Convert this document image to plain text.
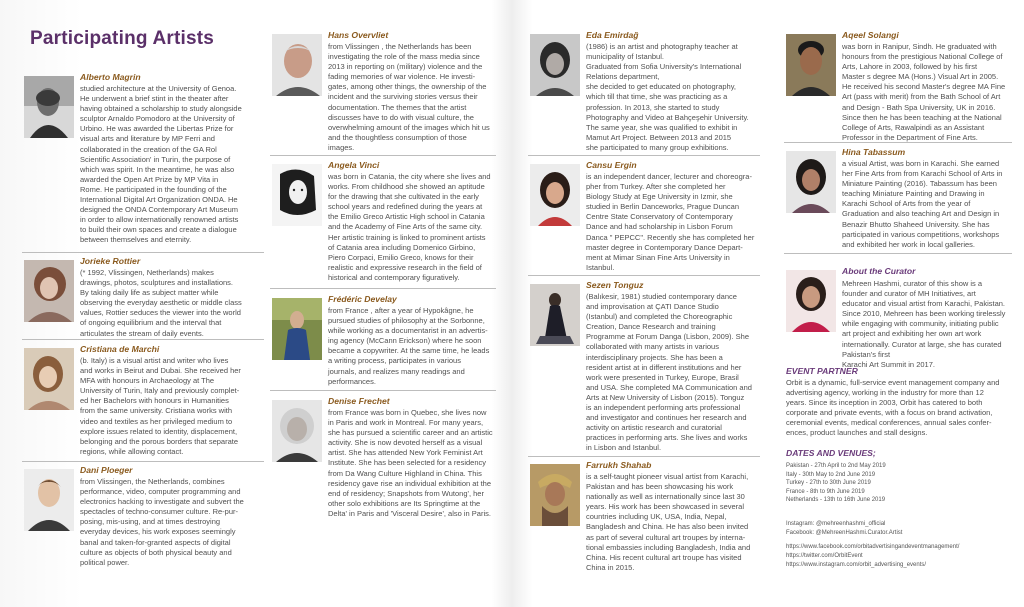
Participating Artists
Alberto Magrin
studied architecture at the University of Genoa.
He underwent a brief stint in the theater after
having obtained a scholarship to study alongside
sculptor Arnaldo Pomodoro at the University of
Urbino. He was awarded the Libertas Prize for
visual arts and literature by MP Ferri and
collaborated in the creation of the GA Rol
Scientific Association' in Turin, the purpose of
which was spirit. In the meantime, he was also
awarded the Open Art Prize by MP Vita in
Rome. He participated in the founding of the
International Digital Art Organization ONDA. He
designed the ONDA Contemporary Art Museum
in order to allow internationally renowned artists
to build their own spaces and create a dialogue
between themselves and eternity.
Jorieke Rottier
(* 1992, Vlissingen, Netherlands) makes
drawings, photos, sculptures and installations.
By taking daily life as subject matter while
observing the everyday aesthetic or middle class
values, Rottier seduces the viewer into the world
of ongoing equilibrium and the interval that
articulates the stream of daily events.
Cristiana de Marchi
(b. Italy) is a visual artist and writer who lives
and works in Beirut and Dubai. She received her
MFA with honours in Archaeology at The
University of Turin, Italy and previously complet-
ed her Bachelors with honours in Humanities
from the same university. Cristiana works with
video and textiles as her privileged medium to
explore issues related to identity, displacement,
belonging and the porous borders that separate
regions, while allowing contact.
Dani Ploeger
from Vlissingen, the Netherlands, combines
performance, video, computer programming and
electronics hacking to investigate and subvert the
spectacles of techno-consumer culture. Re-pur-
posing, mis-using, and at times destroying
everyday devices, his work exposes seemingly
banal and taken-for-granted aspects of digital
culture as objects of both physical beauty and
political power.
Hans Overvliet
from Vlissingen , the Netherlands has been
investigating the role of the mass media since
2013 in reporting on (military) violence and the
fading memories of war violence. He investi-
gates, among other things, the ownership of the
incident and the surviving stories versus their
documentation. The themes that the artist
discusses have to do with visual culture, the
overwhelming amount of the images which hit us
and the thoughtless consumption of those
images.
Angela Vinci
was born in Catania, the city where she lives and
works. From childhood she showed an aptitude
for the drawing that she cultivated in the early
school years and redefined during the years at
the Emilio Greco Artistic High school in Catania
and the Academy of Fine Arts of the same city.
Her artistic training is linked to prominent artists
of Catania area including Domenico Girbino,
Piero Corpaci, Emilio Greco, knows for their
realistic and expressive research in the field of
historical and contemporary figuratively.
Frédéric Develay
from France , after a year of Hypokâgne, he
pursued studies of philosophy at the Sorbonne,
while working as a documentarist in an advertis-
ing agency (McCann Erickson) where he soon
became a copywriter. At the same time, he leads
a writing process, participates in various
journals, and realizes many readings and
performances.
Denise Frechet
from France was born in Quebec, she lives now
in Paris and work in Montreal. For many years,
she has pursued a scientific career and an artistic
activity. She is now devoted herself as a visual
artist. She has attended New York Feminist Art
Institute. She has been selected for a residency
from Da Wang Culture Highland in China. This
residency gave rise an individual exhibition at the
end of residency; Snapshots from Wutong', her
other solo exhibitions are Its Springtime at the
Delta' in Paris and 'Visceral Desire', also in Paris.
Eda Emirdağ
(1986) is an artist and photography teacher at
municipality of Istanbul.
Graduated from Sofia University's International
Relations department,
she decided to get educated on photography,
which till that time, she was practicing as a
profession. In 2013, she started to study
Photography and Video at Bahçeşehir University.
The same year, she was qualified to exhibit in
Mamut Art Project. Between 2013 and 2015
she participated to many group exhibitions.
Cansu Ergin
is an independent dancer, lecturer and choreogra-
pher from Turkey. After she completed her
Biology Study at Ege University in Izmir, she
studied in Berlin Danceworks, Prague Duncan
Centre State Conservatory of Contemporary
Dance and had scholarship in Lisbon Forum
Danca " PEPCC". Recently she has completed her
master degree in Contemporary Dance Depart-
ment at Mimar Sinan Fine Arts University in
Istanbul.
Sezen Tonguz
(Balıkesir, 1981) studied contemporary dance
and improvisation at ÇATI Dance Studio
(Istanbul) and completed the Choreographic
Creation, Dance Research and training
Programme at Forum Danga (Lisbon, 2009). She
collaborated with many artists in various
interdisciplinary projects. She has been a
resident artist at in different institutions and her
work were presented in Turkey, Europe, Brasil
and USA. She completed MA Communication and
Arts at New University of Lisbon (2015). Tonguz
is an independent performing arts professional
and investigator and continues her research and
activity on artistic research and curatorial
practices in performing arts. She lives and works
in Lisbon and Istanbul.
Farrukh Shahab
is a self-taught pioneer visual artist from Karachi,
Pakistan and has been showcasing his work
nationally as well as internationally since last 30
years. His work has been showcased in several
countries including UK, USA, India, Nepal,
Bangladesh and China. He has also been invited
as part of several cultural art troupes by interna-
tional embassies including Bangladesh, India and
China. His recent cultural art troupe has visited
China in 2015.
Aqeel Solangi
was born in Ranipur, Sindh. He graduated with
honours from the prestigious National College of
Arts, Lahore in 2003, followed by his first
Master s degree MA (Hons.) Visual Art in 2005.
He received his second Master's degree MA Fine
Art (pass with merit) from the Bath School of Art
and Design - Bath Spa University, UK in 2016.
Since then he has been teaching at the National
College of Arts, Rawalpindi as an Assistant
Professor in the Department of Fine Arts.
Hina Tabassum
a visual Artist, was born in Karachi. She earned
her Fine Arts from from Karachi School of Arts in
Miniature Painting (2016). Tabassum has been
teaching Miniature Painting and Drawing in
Karachi School of Arts from the year of
Graduation and also teaching Art and Design in
Benazir Bhutto Shaheed University. She has
participated in various competitions, workshops
and exhibited her work in local galleries.
About the Curator
Mehreen Hashmi, curator of this show is a
founder and curator of MH Initiatives, art
educator and visual artist from Karachi, Pakistan.
Since 2010, Mehreen has been working tirelessly
while engaging with community, initiating public
art project and exhibiting her own art work
internationally. Curator at large, she has curated Pakistan's first
Karachi Art Summit in 2017.
EVENT PARTNER
Orbit is a dynamic, full-service event management company and
advertising agency, working in the industry for more than 12
years. Since its inception in 2003, Orbit has catered to both
corporate and private events, with a focus on brand activation,
ceremonial events, medical conferences, annual sales confer-
ences, product launches and stall designs.
DATES AND VENUES;
Pakistan - 27th April to 2nd May 2019
Italy - 30th May to 2nd June 2019
Turkey - 27th to 30th June 2019
France - 8th to 9th June 2019
Netherlands - 13th to 16th June 2019
Instagram: @mehreenhashmi_official
Facebook: @MehreenHashmi.Curator.Artist
https://www.facebook.com/orbitadvertisingandeventmanagement/
https://twitter.com/OrbitEvent
https://www.instagram.com/orbit_advertising_events/
